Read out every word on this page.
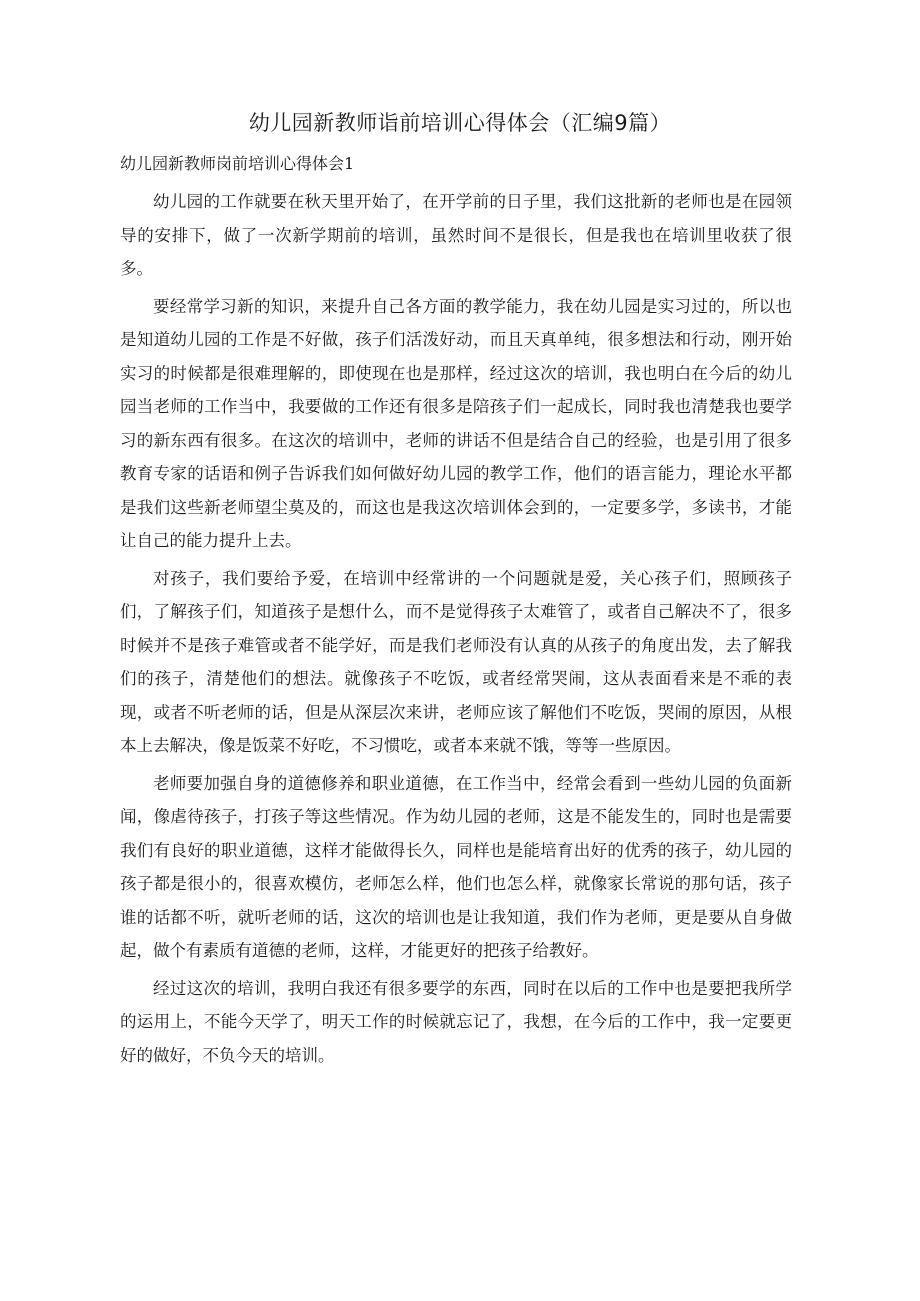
幼儿园新教师诣前培训心得体会（汇编9篇）
幼儿园新教师岗前培训心得体会1

幼儿园的工作就要在秋天里开始了，在开学前的日子里，我们这批新的老师也是在园领导的安排下，做了一次新学期前的培训，虽然时间不是很长，但是我也在培训里收获了很多。

要经常学习新的知识，来提升自己各方面的教学能力，我在幼儿园是实习过的，所以也是知道幼儿园的工作是不好做，孩子们活泼好动，而且天真单纯，很多想法和行动，刚开始实习的时候都是很难理解的，即使现在也是那样，经过这次的培训，我也明白在今后的幼儿园当老师的工作当中，我要做的工作还有很多是陪孩子们一起成长，同时我也清楚我也要学习的新东西有很多。在这次的培训中，老师的讲话不但是结合自己的经验，也是引用了很多教育专家的话语和例子告诉我们如何做好幼儿园的教学工作，他们的语言能力，理论水平都是我们这些新老师望尘莫及的，而这也是我这次培训体会到的，一定要多学，多读书，才能让自己的能力提升上去。

对孩子，我们要给予爱，在培训中经常讲的一个问题就是爱，关心孩子们，照顾孩子们，了解孩子们，知道孩子是想什么，而不是觉得孩子太难管了，或者自己解决不了，很多时候并不是孩子难管或者不能学好，而是我们老师没有认真的从孩子的角度出发，去了解我们的孩子，清楚他们的想法。就像孩子不吃饭，或者经常哭闹，这从表面看来是不乖的表现，或者不听老师的话，但是从深层次来讲，老师应该了解他们不吃饭，哭闹的原因，从根本上去解决，像是饭菜不好吃，不习惯吃，或者本来就不饿，等等一些原因。

老师要加强自身的道德修养和职业道德，在工作当中，经常会看到一些幼儿园的负面新闻，像虐待孩子，打孩子等这些情况。作为幼儿园的老师，这是不能发生的，同时也是需要我们有良好的职业道德，这样才能做得长久，同样也是能培育出好的优秀的孩子，幼儿园的孩子都是很小的，很喜欢模仿，老师怎么样，他们也怎么样，就像家长常说的那句话，孩子谁的话都不听，就听老师的话，这次的培训也是让我知道，我们作为老师，更是要从自身做起，做个有素质有道德的老师，这样，才能更好的把孩子给教好。

经过这次的培训，我明白我还有很多要学的东西，同时在以后的工作中也是要把我所学的运用上，不能今天学了，明天工作的时候就忘记了，我想，在今后的工作中，我一定要更好的做好，不负今天的培训。
